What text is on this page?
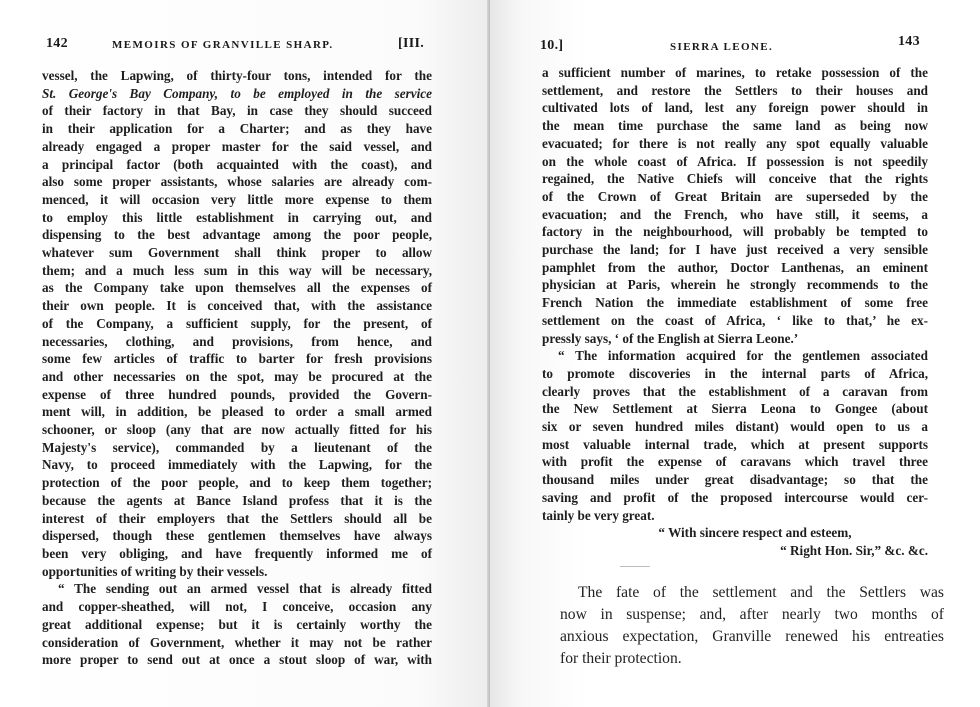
142	MEMOIRS OF GRANVILLE SHARP.	[III.
vessel, the Lapwing, of thirty-four tons, intended for the
St. George's Bay Company, to be employed in the service
of their factory in that Bay, in case they should succeed
in their application for a Charter; and as they have
already engaged a proper master for the said vessel, and
a principal factor (both acquainted with the coast), and
also some proper assistants, whose salaries are already com-
menced, it will occasion very little more expense to them
to employ this little establishment in carrying out, and
dispensing to the best advantage among the poor people,
whatever sum Government shall think proper to allow
them; and a much less sum in this way will be necessary,
as the Company take upon themselves all the expenses of
their own people. It is conceived that, with the assistance
of the Company, a sufficient supply, for the present, of
necessaries, clothing, and provisions, from hence, and
some few articles of traffic to barter for fresh provisions
and other necessaries on the spot, may be procured at the
expense of three hundred pounds, provided the Govern-
ment will, in addition, be pleased to order a small armed
schooner, or sloop (any that are now actually fitted for his
Majesty's service), commanded by a lieutenant of the
Navy, to proceed immediately with the Lapwing, for the
protection of the poor people, and to keep them together;
because the agents at Bance Island profess that it is the
interest of their employers that the Settlers should all be
dispersed, though these gentlemen themselves have always
been very obliging, and have frequently informed me of
opportunities of writing by their vessels.
“ The sending out an armed vessel that is already fitted
and copper-sheathed, will not, I conceive, occasion any
great additional expense; but it is certainly worthy the
consideration of Government, whether it may not be rather
more proper to send out at once a stout sloop of war, with
10.]	SIERRA LEONE.	143
a sufficient number of marines, to retake possession of the
settlement, and restore the Settlers to their houses and
cultivated lots of land, lest any foreign power should in
the mean time purchase the same land as being now
evacuated; for there is not really any spot equally valuable
on the whole coast of Africa. If possession is not speedily
regained, the Native Chiefs will conceive that the rights
of the Crown of Great Britain are superseded by the
evacuation; and the French, who have still, it seems, a
factory in the neighbourhood, will probably be tempted to
purchase the land; for I have just received a very sensible
pamphlet from the author, Doctor Lanthenas, an eminent
physician at Paris, wherein he strongly recommends to the
French Nation the immediate establishment of some free
settlement on the coast of Africa, ‘ like to that,’ he ex-
pressly says, ‘ of the English at Sierra Leone.’
“ The information acquired for the gentlemen associated
to promote discoveries in the internal parts of Africa,
clearly proves that the establishment of a caravan from
the New Settlement at Sierra Leona to Gongee (about
six or seven hundred miles distant) would open to us a
most valuable internal trade, which at present supports
with profit the expense of caravans which travel three
thousand miles under great disadvantage; so that the
saving and profit of the proposed intercourse would cer-
tainly be very great.
“ With sincere respect and esteem,
“ Right Hon. Sir,” &c. &c.
The fate of the settlement and the Settlers was
now in suspense; and, after nearly two months of
anxious expectation, Granville renewed his entreaties
for their protection.
